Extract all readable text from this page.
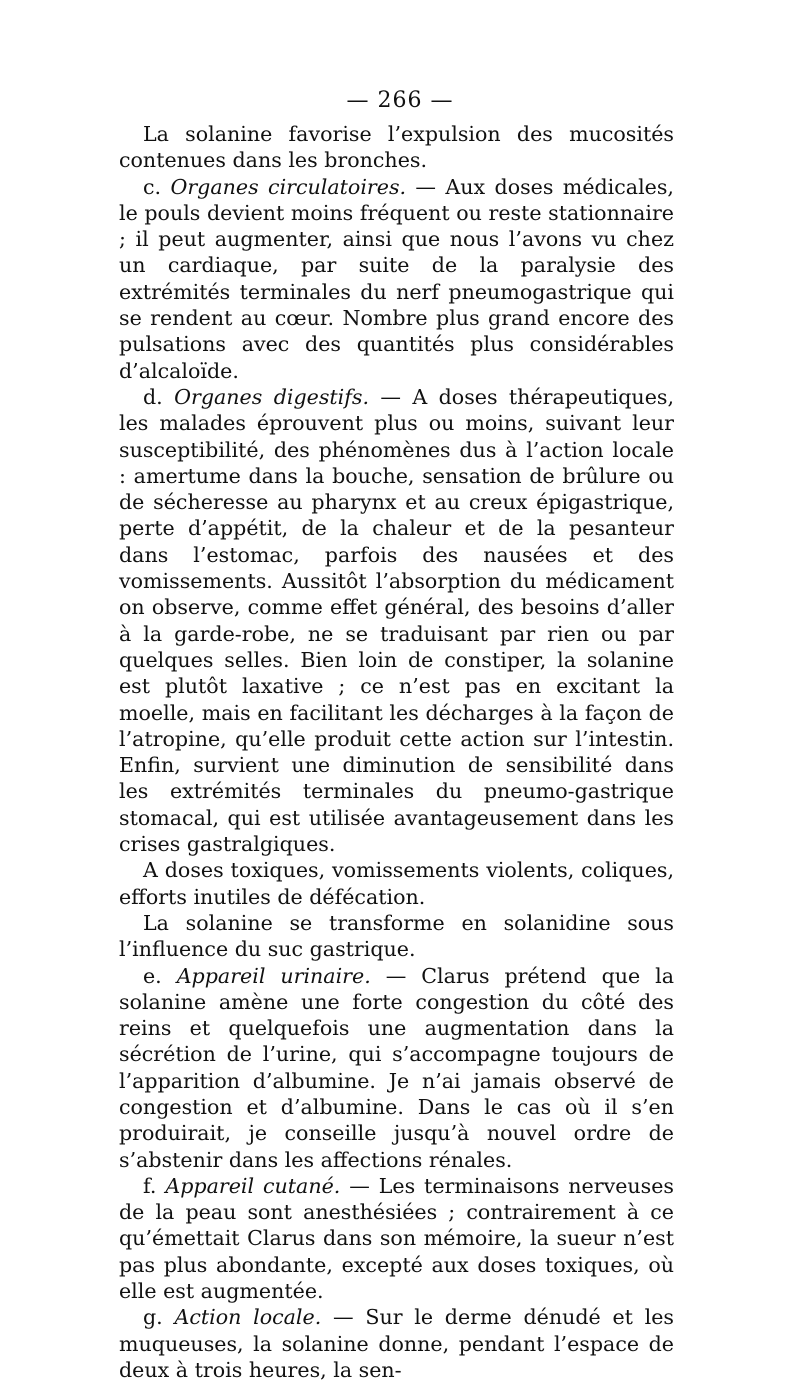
— 266 —

La solanine favorise l’expulsion des mucosités contenues dans les bronches.

c. Organes circulatoires. — Aux doses médicales, le pouls devient moins fréquent ou reste stationnaire ; il peut augmenter, ainsi que nous l’avons vu chez un cardiaque, par suite de la paralysie des extrémités terminales du nerf pneumogastrique qui se rendent au cœur. Nombre plus grand encore des pulsations avec des quantités plus considérables d’alcaloïde.

d. Organes digestifs. — A doses thérapeutiques, les malades éprouvent plus ou moins, suivant leur susceptibilité, des phénomènes dus à l’action locale : amertume dans la bouche, sensation de brûlure ou de sécheresse au pharynx et au creux épigastrique, perte d’appétit, de la chaleur et de la pesanteur dans l’estomac, parfois des nausées et des vomissements. Aussitôt l’absorption du médicament on observe, comme effet général, des besoins d’aller à la garde-robe, ne se traduisant par rien ou par quelques selles. Bien loin de constiper, la solanine est plutôt laxative ; ce n’est pas en excitant la moelle, mais en facilitant les décharges à la façon de l’atropine, qu’elle produit cette action sur l’intestin. Enfin, survient une diminution de sensibilité dans les extrémités terminales du pneumo-gastrique stomacal, qui est utilisée avantageusement dans les crises gastralgiques.

A doses toxiques, vomissements violents, coliques, efforts inutiles de défécation.

La solanine se transforme en solanidine sous l’influence du suc gastrique.

e. Appareil urinaire. — Clarus prétend que la solanine amène une forte congestion du côté des reins et quelquefois une augmentation dans la sécrétion de l’urine, qui s’accompagne toujours de l’apparition d’albumine. Je n’ai jamais observé de congestion et d’albumine. Dans le cas où il s’en produirait, je conseille jusqu’à nouvel ordre de s’abstenir dans les affections rénales.

f. Appareil cutané. — Les terminaisons nerveuses de la peau sont anesthésiées ; contrairement à ce qu’émettait Clarus dans son mémoire, la sueur n’est pas plus abondante, excepté aux doses toxiques, où elle est augmentée.

g. Action locale. — Sur le derme dénudé et les muqueuses, la solanine donne, pendant l’espace de deux à trois heures, la sen-
